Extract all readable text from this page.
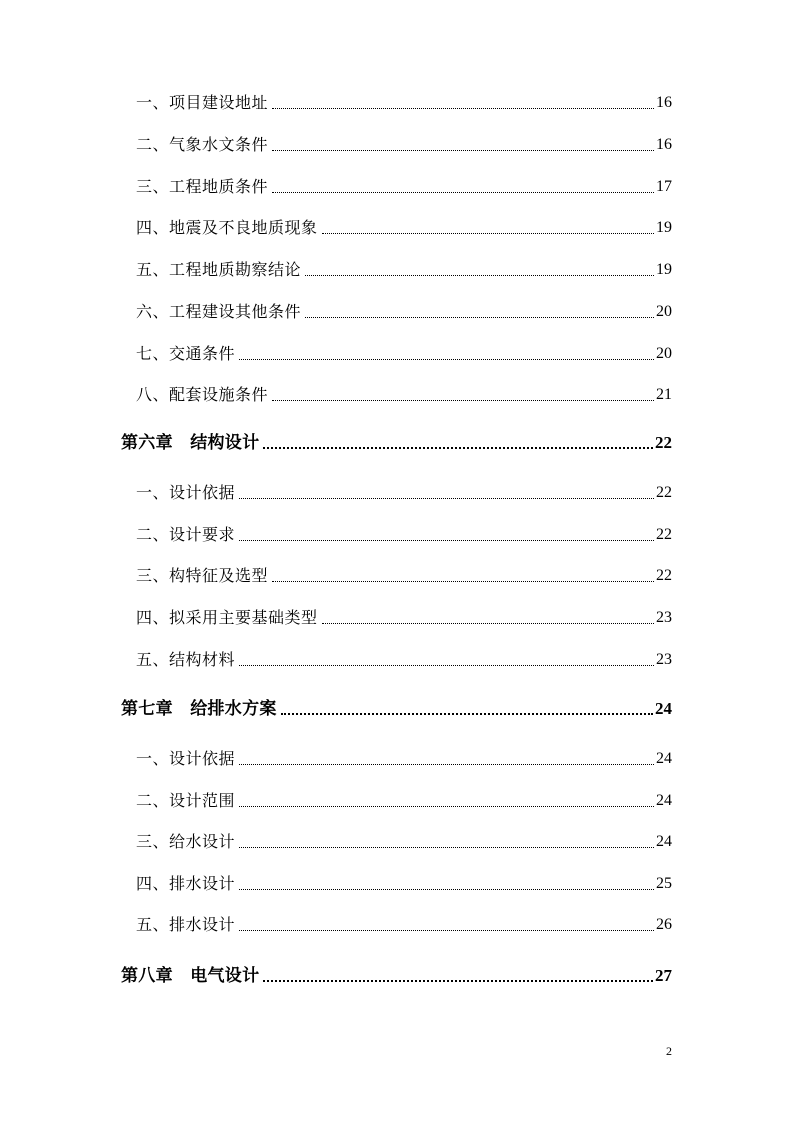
一、项目建设地址	16
二、气象水文条件	16
三、工程地质条件	17
四、地震及不良地质现象	19
五、工程地质勘察结论	19
六、工程建设其他条件	20
七、交通条件	20
八、配套设施条件	21
第六章　结构设计	22
一、设计依据	22
二、设计要求	22
三、构特征及选型	22
四、拟采用主要基础类型	23
五、结构材料	23
第七章　给排水方案	24
一、设计依据	24
二、设计范围	24
三、给水设计	24
四、排水设计	25
五、排水设计	26
第八章　电气设计	27
2
